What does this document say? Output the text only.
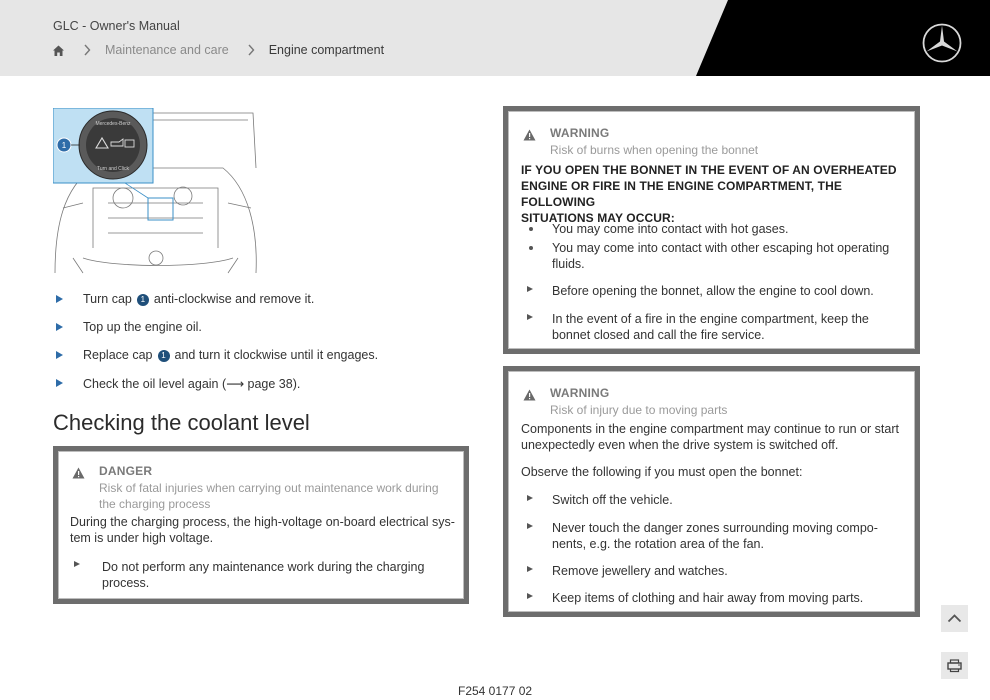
GLC - Owner's Manual
Maintenance and care	Engine compartment
1
Mercedes-Benz
Turn and Click
Turn cap 1 anti-clockwise and remove it.
Top up the engine oil.
Replace cap 1 and turn it clockwise until it engages.
Check the oil level again (⟶ page 38).
Checking the coolant level
DANGER
Risk of fatal injuries when carrying out maintenance work during
the charging process
During the charging process, the high-voltage on-board electrical sys-
tem is under high voltage.
Do not perform any maintenance work during the charging
process.
WARNING
Risk of burns when opening the bonnet
IF YOU OPEN THE BONNET IN THE EVENT OF AN OVERHEATED
ENGINE OR FIRE IN THE ENGINE COMPARTMENT, THE FOLLOWING
SITUATIONS MAY OCCUR:
You may come into contact with hot gases.
You may come into contact with other escaping hot operating
fluids.
Before opening the bonnet, allow the engine to cool down.
In the event of a fire in the engine compartment, keep the
bonnet closed and call the fire service.
WARNING
Risk of injury due to moving parts
Components in the engine compartment may continue to run or start
unexpectedly even when the drive system is switched off.
Observe the following if you must open the bonnet:
Switch off the vehicle.
Never touch the danger zones surrounding moving compo-
nents, e.g. the rotation area of the fan.
Remove jewellery and watches.
Keep items of clothing and hair away from moving parts.
F254 0177 02
